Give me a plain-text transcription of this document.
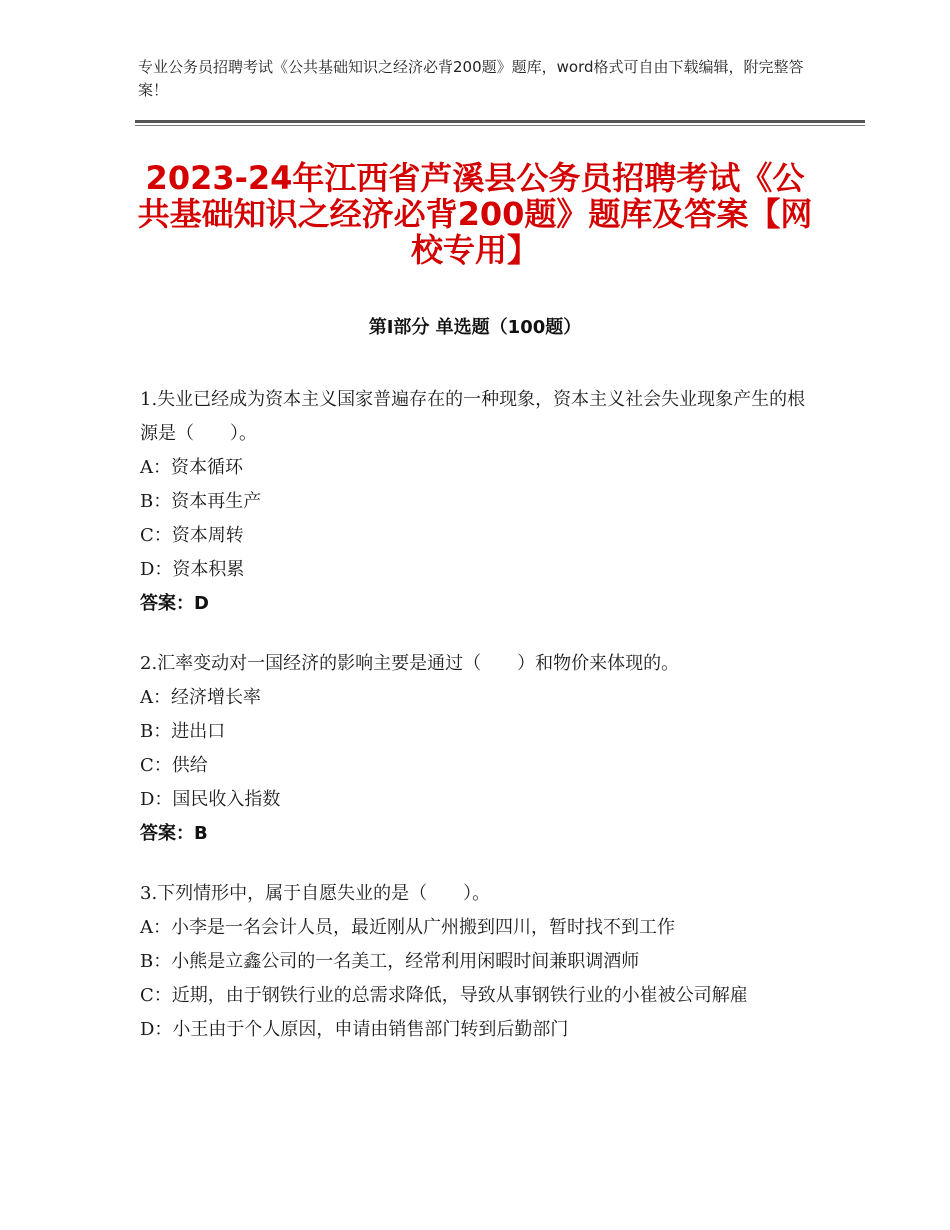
专业公务员招聘考试《公共基础知识之经济必背200题》题库，word格式可自由下载编辑，附完整答案！
2023-24年江西省芦溪县公务员招聘考试《公共基础知识之经济必背200题》题库及答案【网校专用】
第I部分 单选题（100题）
1.失业已经成为资本主义国家普遍存在的一种现象，资本主义社会失业现象产生的根源是（　　）。
A：资本循环
B：资本再生产
C：资本周转
D：资本积累
答案：D
2.汇率变动对一国经济的影响主要是通过（　　）和物价来体现的。
A：经济增长率
B：进出口
C：供给
D：国民收入指数
答案：B
3.下列情形中，属于自愿失业的是（　　）。
A：小李是一名会计人员，最近刚从广州搬到四川，暂时找不到工作
B：小熊是立鑫公司的一名美工，经常利用闲暇时间兼职调酒师
C：近期，由于钢铁行业的总需求降低，导致从事钢铁行业的小崔被公司解雇
D：小王由于个人原因，申请由销售部门转到后勤部门
